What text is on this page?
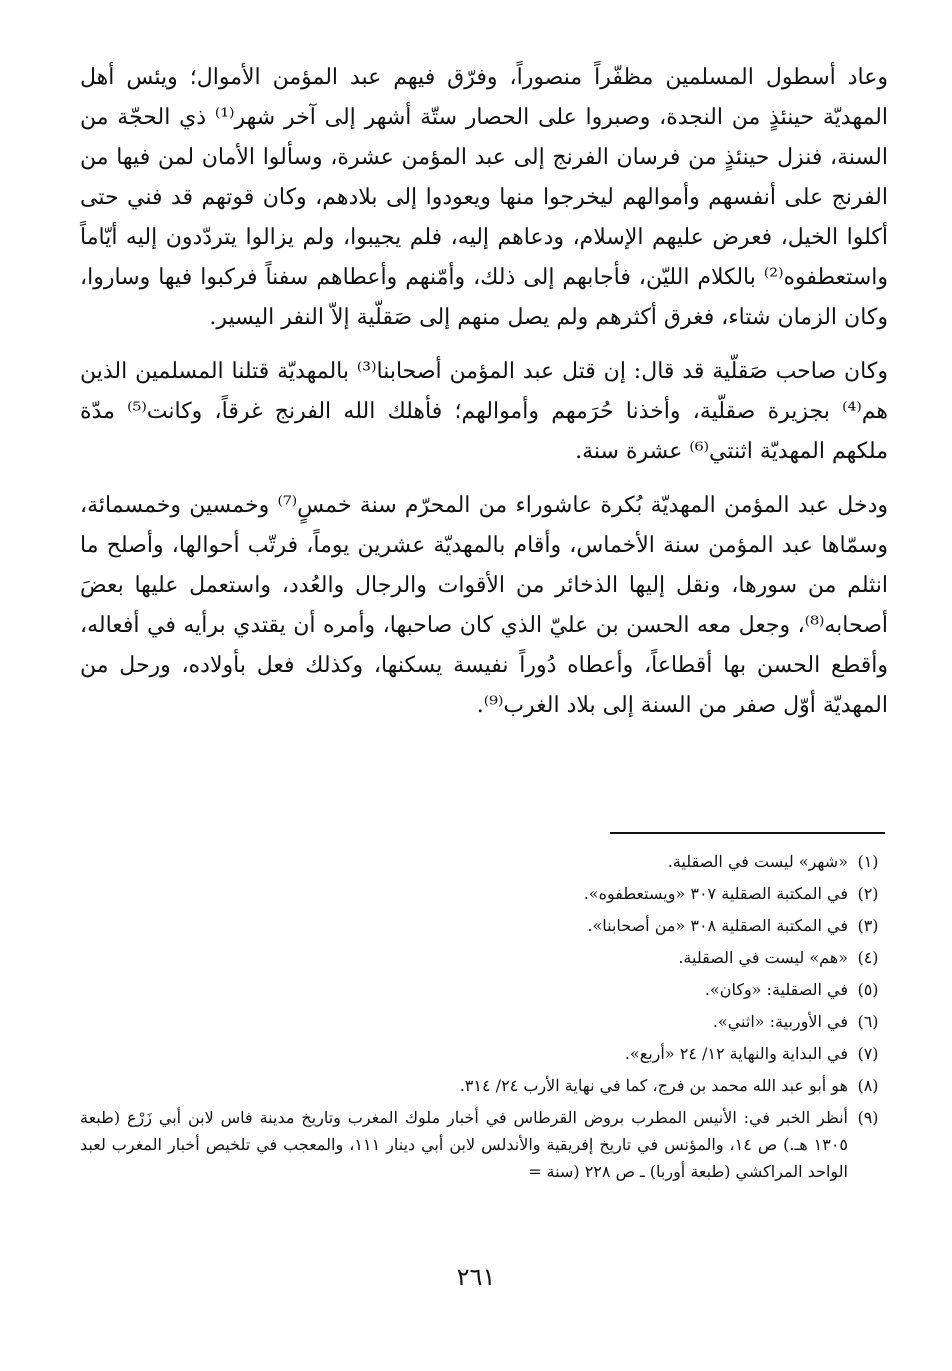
وعاد أسطول المسلمين مظفّراً منصوراً، وفرّق فيهم عبد المؤمن الأموال؛ ويئس أهل المهديّة حينئذٍ من النجدة، وصبروا على الحصار ستّة أشهر إلى آخر شهر⁽¹⁾ ذي الحجّة من السنة، فنزل حينئذٍ من فرسان الفرنج إلى عبد المؤمن عشرة، وسألوا الأمان لمن فيها من الفرنج على أنفسهم وأموالهم ليخرجوا منها ويعودوا إلى بلادهم، وكان قوتهم قد فني حتى أكلوا الخيل، فعرض عليهم الإسلام، ودعاهم إليه، فلم يجيبوا، ولم يزالوا يتردّدون إليه أيّاماً واستعطفوه⁽²⁾ بالكلام الليّن، فأجابهم إلى ذلك، وأمّنهم وأعطاهم سفناً فركبوا فيها وساروا، وكان الزمان شتاء، فغرق أكثرهم ولم يصل منهم إلى صَقلّية إلاّ النفر اليسير.

وكان صاحب صَقلّية قد قال: إن قتل عبد المؤمن أصحابنا⁽³⁾ بالمهديّة قتلنا المسلمين الذين هم⁽⁴⁾ بجزيرة صقلّية، وأخذنا حُرَمهم وأموالهم؛ فأهلك الله الفرنج غرقاً، وكانت⁽⁵⁾ مدّة ملكهم المهديّة اثنتي⁽⁶⁾ عشرة سنة.

ودخل عبد المؤمن المهديّة بُكرة عاشوراء من المحرّم سنة خمسٍ⁽⁷⁾ وخمسين وخمسمائة، وسمّاها عبد المؤمن سنة الأخماس، وأقام بالمهديّة عشرين يوماً، فرتّب أحوالها، وأصلح ما انثلم من سورها، ونقل إليها الذخائر من الأقوات والرجال والعُدد، واستعمل عليها بعضَ أصحابه⁽⁸⁾، وجعل معه الحسن بن عليّ الذي كان صاحبها، وأمره أن يقتدي برأيه في أفعاله، وأقطع الحسن بها أقطاعاً، وأعطاه دُوراً نفيسة يسكنها، وكذلك فعل بأولاده، ورحل من المهديّة أوّل صفر من السنة إلى بلاد الغرب⁽⁹⁾.

(١)
«شهر» ليست في الصقلية.
(٢)
في المكتبة الصقلية ٣٠٧ «ويستعطفوه».
(٣)
في المكتبة الصقلية ٣٠٨ «من أصحابنا».
(٤)
«هم» ليست في الصقلية.
(٥)
في الصقلية: «وكان».
(٦)
في الأوربية: «اثني».
(٧)
في البداية والنهاية ١٢/ ٢٤ «أربع».
(٨)
هو أبو عبد الله محمد بن فرج، كما في نهاية الأرب ٢٤/ ٣١٤.
(٩)
أنظر الخبر في: الأنيس المطرب بروض القرطاس في أخبار ملوك المغرب وتاريخ مدينة فاس لابن أبي زَرْع (طبعة ١٣٠٥ هـ.) ص ١٤، والمؤنس في تاريخ إفريقية والأندلس لابن أبي دينار ١١١، والمعجب في تلخيص أخبار المغرب لعبد الواحد المراكشي (طبعة أوربا) ـ ص ٢٢٨ (سنة =
٢٦١
